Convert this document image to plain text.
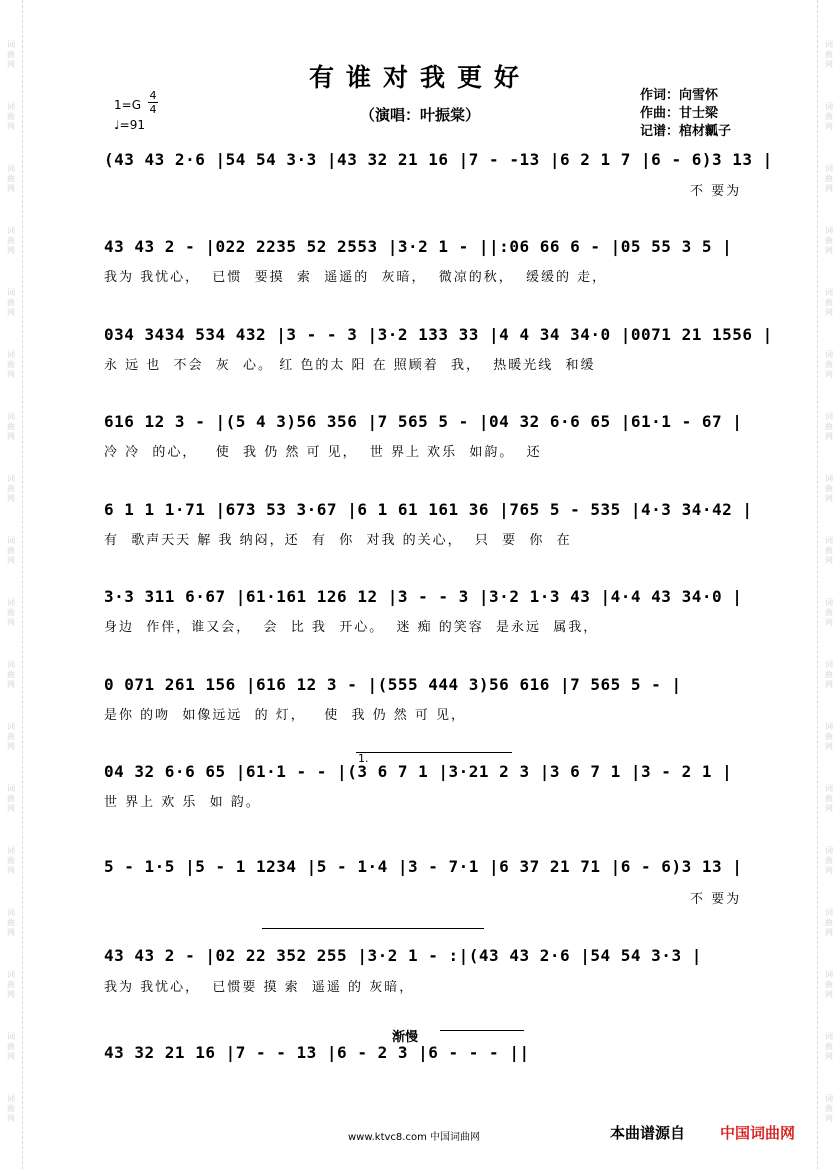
词曲网
词曲网
词曲网
词曲网
词曲网
词曲网
词曲网
词曲网
词曲网
词曲网
词曲网
词曲网
词曲网
词曲网
词曲网
词曲网
词曲网
词曲网
词曲网
词曲网
词曲网
词曲网
词曲网
词曲网
词曲网
词曲网
词曲网
词曲网
词曲网
词曲网
词曲网
词曲网
词曲网
词曲网
词曲网
词曲网
有谁对我更好
（演唱：叶振棠）
作词：向雪怀
作曲：甘士梁
记谱：棺材瓤子
1=G
4
4
♩=91
(43 43 2·6 |54 54 3·3 |43 32 21 16 |7 - -13 |6 2 1 7 |6 - 6)3 13 |
不 要为
43 43 2 - |022 2235 52 2553 |3·2 1 - ||:06 66 6 - |05 55 3 5 |
我为 我忧心，  已惯  要摸  索  遥遥的  灰暗，  微凉的秋，  缓缓的 走，
034 3434 534 432 |3 - - 3 |3·2 133 33 |4 4 34 34·0 |0071 21 1556 |
永 远 也  不会  灰  心。 红 色的太 阳 在 照顾着  我，  热暖光线  和缓
616 12 3 - |(5 4 3)56 356 |7 565 5 - |04 32 6·6 65 |61·1 - 67 |
冷 冷  的心，   使  我 仍 然 可 见，  世 界上 欢乐  如韵。  还
6 1 1 1·71 |673 53 3·67 |6 1 61 161 36 |765 5 - 535 |4·3 34·42 |
有  歌声天天 解 我 纳闷，还  有  你  对我 的关心，  只  要  你  在
3·3 311 6·67 |61·161 126 12 |3 - - 3 |3·2 1·3 43 |4·4 43 34·0 |
身边  作伴，谁又会，  会  比 我  开心。  迷 痴 的笑容  是永远  属我，
0 071 261 156 |616 12 3 - |(555 444 3)56 616 |7 565 5 - |
是你 的吻  如像远远  的 灯，   使  我 仍 然 可 见，
04 32 6·6 65 |61·1 - - |(3 6 7 1 |3·21 2 3 |3 6 7 1 |3 - 2 1 |
世 界上 欢 乐  如 韵。
5 - 1·5 |5 - 1 1234 |5 - 1·4 |3 - 7·1 |6 37 21 71 |6 - 6)3 13 |
不 要为
43 43 2 - |02 22 352 255 |3·2 1 - :|(43 43 2·6 |54 54 3·3 |
我为 我忧心，  已惯要 摸 索  遥遥 的 灰暗，
43 32 21 16 |7 - - 13 |6 - 2 3 |6 - - - ||
1.
渐慢
www.ktvc8.com 中国词曲网	本曲谱源自 中国词曲网
